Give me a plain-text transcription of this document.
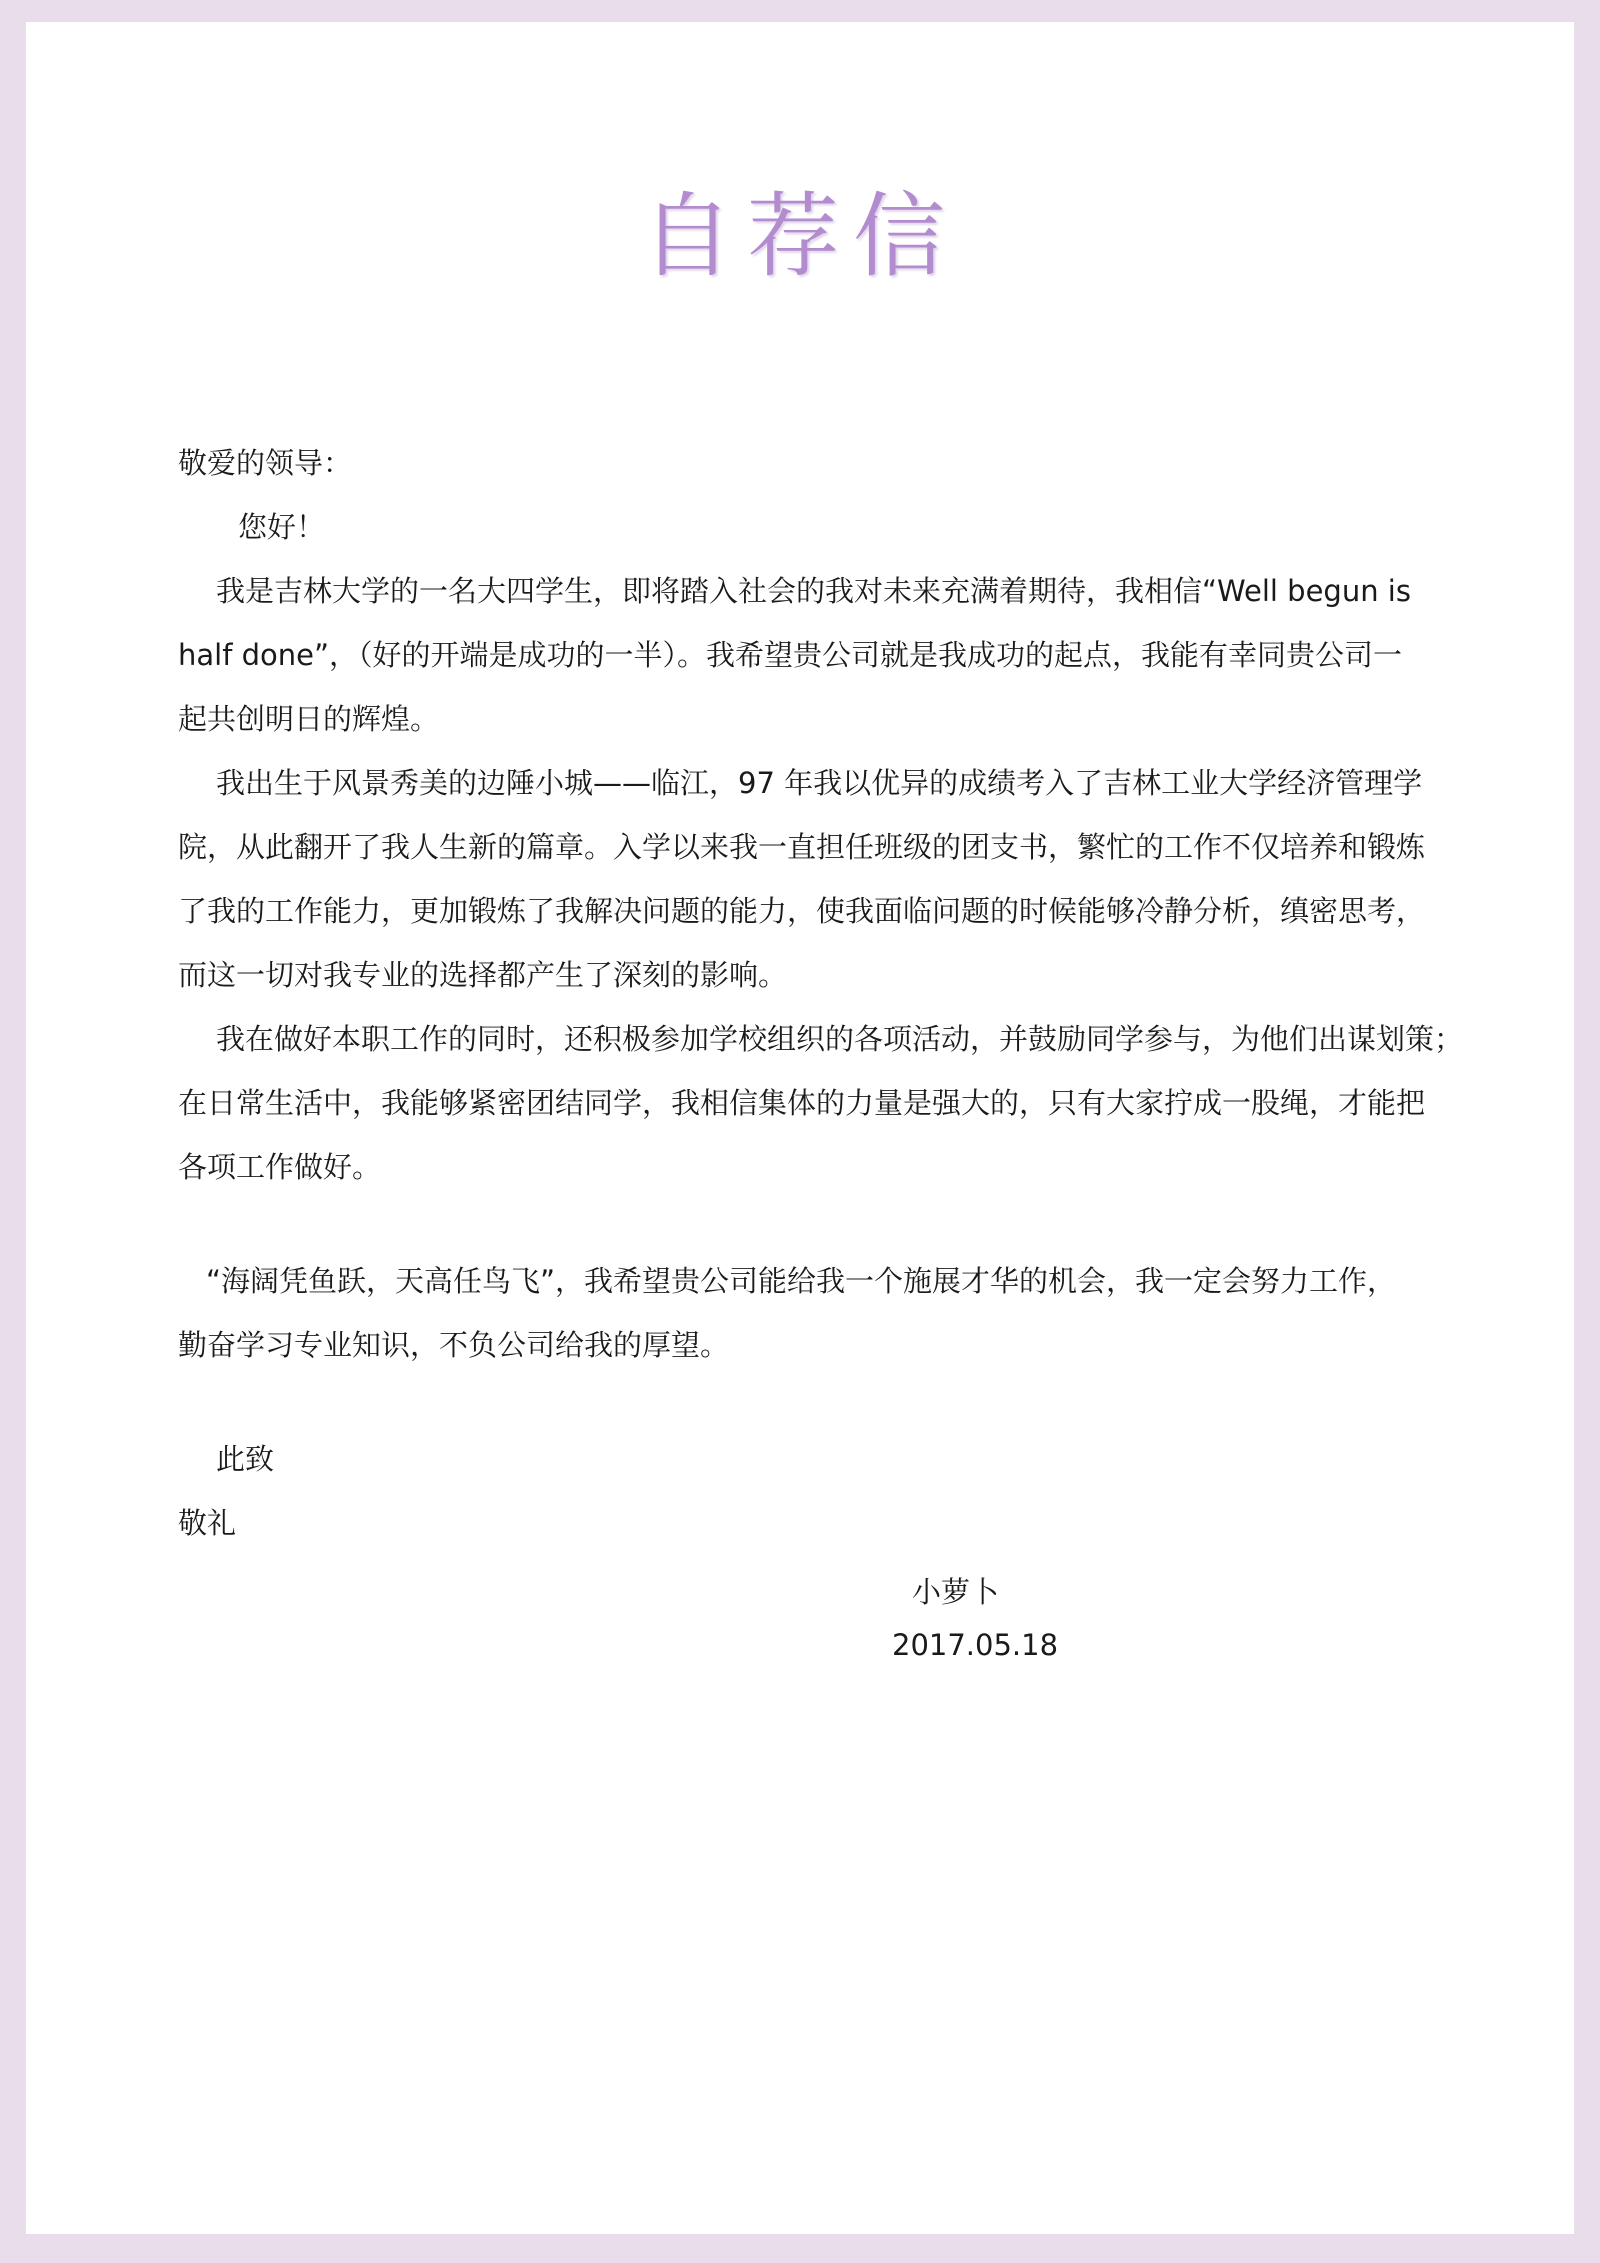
自荐信
敬爱的领导：
您好！
我是吉林大学的一名大四学生，即将踏入社会的我对未来充满着期待，我相信“Well begun is
half done”，（好的开端是成功的一半）。我希望贵公司就是我成功的起点，我能有幸同贵公司一
起共创明日的辉煌。
我出生于风景秀美的边陲小城——临江，97 年我以优异的成绩考入了吉林工业大学经济管理学
院，从此翻开了我人生新的篇章。入学以来我一直担任班级的团支书，繁忙的工作不仅培养和锻炼
了我的工作能力，更加锻炼了我解决问题的能力，使我面临问题的时候能够冷静分析，缜密思考，
而这一切对我专业的选择都产生了深刻的影响。
我在做好本职工作的同时，还积极参加学校组织的各项活动，并鼓励同学参与，为他们出谋划策；
在日常生活中，我能够紧密团结同学，我相信集体的力量是强大的，只有大家拧成一股绳，才能把
各项工作做好。
“海阔凭鱼跃，天高任鸟飞”，我希望贵公司能给我一个施展才华的机会，我一定会努力工作，
勤奋学习专业知识，不负公司给我的厚望。
此致
敬礼
小萝卜
2017.05.18
